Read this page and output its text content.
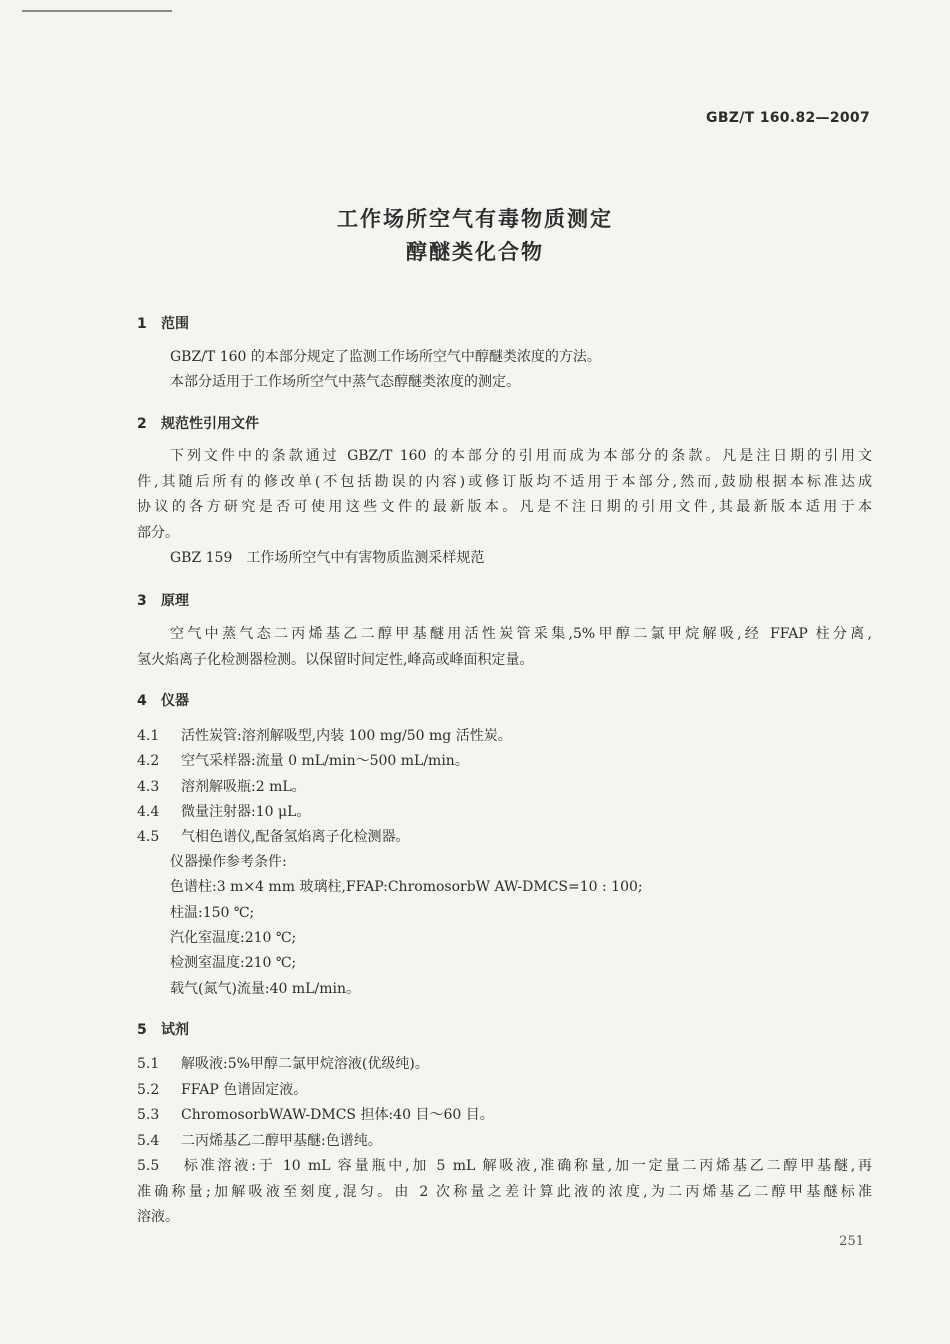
GBZ/T 160.82—2007
工作场所空气有毒物质测定
醇醚类化合物
1 范围
GBZ/T 160 的本部分规定了监测工作场所空气中醇醚类浓度的方法。
本部分适用于工作场所空气中蒸气态醇醚类浓度的测定。
2 规范性引用文件
下列文件中的条款通过 GBZ/T 160 的本部分的引用而成为本部分的条款。凡是注日期的引用文
件,其随后所有的修改单(不包括勘误的内容)或修订版均不适用于本部分,然而,鼓励根据本标准达成
协议的各方研究是否可使用这些文件的最新版本。凡是不注日期的引用文件,其最新版本适用于本
部分。
GBZ 159　工作场所空气中有害物质监测采样规范
3 原理
空气中蒸气态二丙烯基乙二醇甲基醚用活性炭管采集,5%甲醇二氯甲烷解吸,经 FFAP 柱分离,
氢火焰离子化检测器检测。以保留时间定性,峰高或峰面积定量。
4 仪器
4.1 活性炭管:溶剂解吸型,内装 100 mg/50 mg 活性炭。
4.2 空气采样器:流量 0 mL/min～500 mL/min。
4.3 溶剂解吸瓶:2 mL。
4.4 微量注射器:10 μL。
4.5 气相色谱仪,配备氢焰离子化检测器。
仪器操作参考条件:
色谱柱:3 m×4 mm 玻璃柱,FFAP:ChromosorbW AW-DMCS=10 : 100;
柱温:150 ℃;
汽化室温度:210 ℃;
检测室温度:210 ℃;
载气(氮气)流量:40 mL/min。
5 试剂
5.1 解吸液:5%甲醇二氯甲烷溶液(优级纯)。
5.2 FFAP 色谱固定液。
5.3 ChromosorbWAW-DMCS 担体:40 目～60 目。
5.4 二丙烯基乙二醇甲基醚:色谱纯。
5.5 标准溶液:于 10 mL 容量瓶中,加 5 mL 解吸液,准确称量,加一定量二丙烯基乙二醇甲基醚,再
准确称量;加解吸液至刻度,混匀。由 2 次称量之差计算此液的浓度,为二丙烯基乙二醇甲基醚标准
溶液。
251
